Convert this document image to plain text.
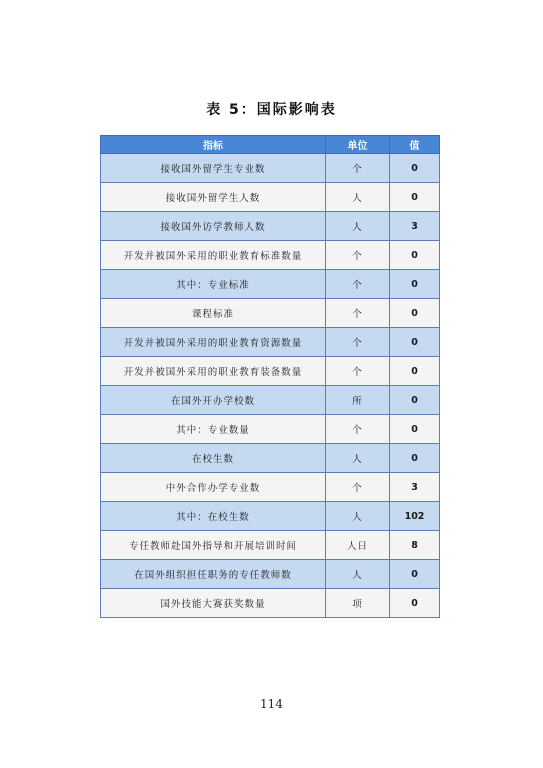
表 5：国际影响表
指标	单位	值
接收国外留学生专业数	个	0
接收国外留学生人数	人	0
接收国外访学教师人数	人	3
开发并被国外采用的职业教育标准数量	个	0
其中：专业标准	个	0
课程标准	个	0
开发并被国外采用的职业教育资源数量	个	0
开发并被国外采用的职业教育装备数量	个	0
在国外开办学校数	所	0
其中：专业数量	个	0
在校生数	人	0
中外合作办学专业数	个	3
其中：在校生数	人	102
专任教师赴国外指导和开展培训时间	人日	8
在国外组织担任职务的专任教师数	人	0
国外技能大赛获奖数量	项	0
114
